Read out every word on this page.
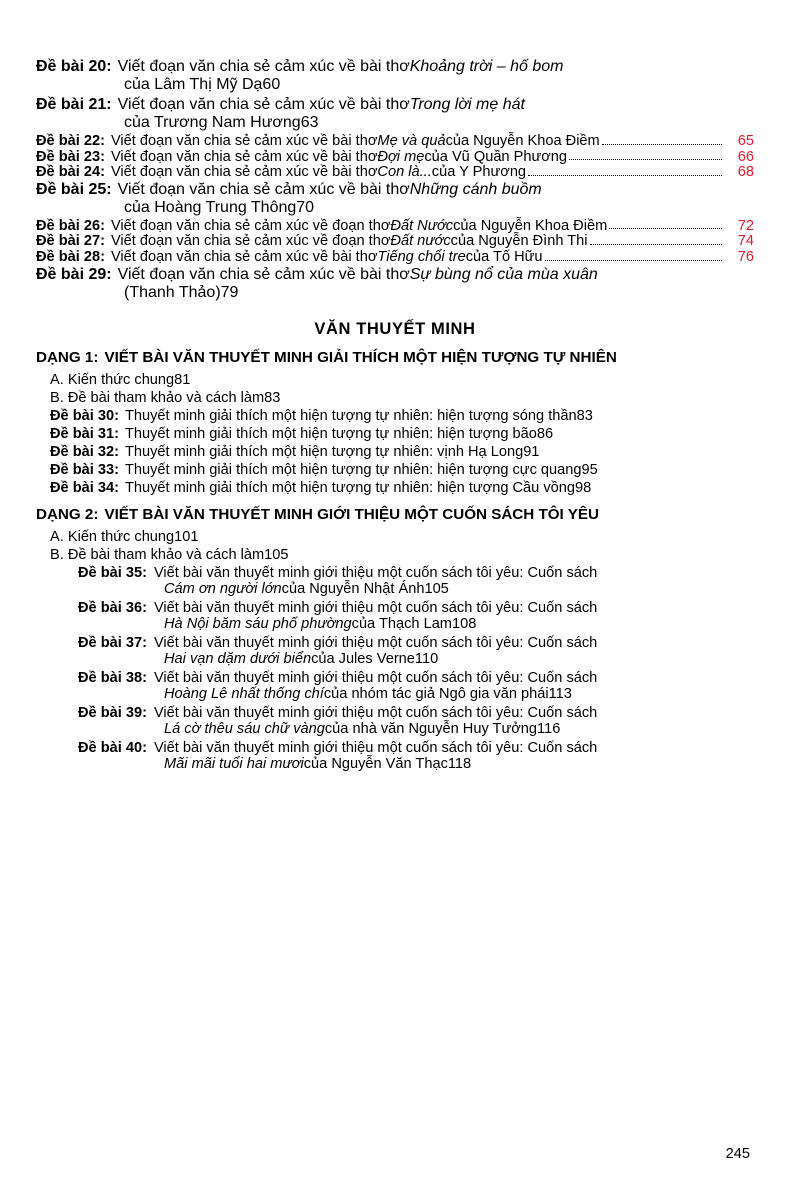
Đề bài 20: Viết đoạn văn chia sẻ cảm xúc về bài thơ Khoảng trời – hố bom
của Lâm Thị Mỹ Dạ 60
Đề bài 21: Viết đoạn văn chia sẻ cảm xúc về bài thơ Trong lời mẹ hát
của Trương Nam Hương 63
Đề bài 22: Viết đoạn văn chia sẻ cảm xúc về bài thơ Mẹ và quả của Nguyễn Khoa Điềm	65
Đề bài 23: Viết đoạn văn chia sẻ cảm xúc về bài thơ Đợi mẹ của Vũ Quần Phương	66
Đề bài 24: Viết đoạn văn chia sẻ cảm xúc về bài thơ Con là... của Y Phương	68
Đề bài 25: Viết đoạn văn chia sẻ cảm xúc về bài thơ Những cánh buồm
của Hoàng Trung Thông 70
Đề bài 26: Viết đoạn văn chia sẻ cảm xúc về đoạn thơ Đất Nước của Nguyễn Khoa Điềm	72
Đề bài 27: Viết đoạn văn chia sẻ cảm xúc về đoạn thơ Đất nước của Nguyễn Đình Thi	74
Đề bài 28: Viết đoạn văn chia sẻ cảm xúc về bài thơ Tiếng chổi tre của Tố Hữu	76
Đề bài 29: Viết đoạn văn chia sẻ cảm xúc về bài thơ Sự bùng nổ của mùa xuân
(Thanh Thảo) 79
VĂN THUYẾT MINH
DẠNG 1: VIẾT BÀI VĂN THUYẾT MINH GIẢI THÍCH MỘT HIỆN TƯỢNG TỰ NHIÊN
A. Kiến thức chung 81
B. Đề bài tham khảo và cách làm 83
Đề bài 30: Thuyết minh giải thích một hiện tượng tự nhiên: hiện tượng sóng thần 83
Đề bài 31: Thuyết minh giải thích một hiện tượng tự nhiên: hiện tượng bão 86
Đề bài 32: Thuyết minh giải thích một hiện tượng tự nhiên: vịnh Hạ Long 91
Đề bài 33: Thuyết minh giải thích một hiện tượng tự nhiên: hiện tượng cực quang 95
Đề bài 34: Thuyết minh giải thích một hiện tượng tự nhiên: hiện tượng Cầu vồng 98
DẠNG 2: VIẾT BÀI VĂN THUYẾT MINH GIỚI THIỆU MỘT CUỐN SÁCH TÔI YÊU
A. Kiến thức chung 101
B. Đề bài tham khảo và cách làm 105
Đề bài 35: Viết bài văn thuyết minh giới thiệu một cuốn sách tôi yêu: Cuốn sách
Cám ơn người lớn của Nguyễn Nhật Ánh 105
Đề bài 36: Viết bài văn thuyết minh giới thiệu một cuốn sách tôi yêu: Cuốn sách
Hà Nội băm sáu phố phường của Thạch Lam 108
Đề bài 37: Viết bài văn thuyết minh giới thiệu một cuốn sách tôi yêu: Cuốn sách
Hai vạn dặm dưới biển của Jules Verne 110
Đề bài 38: Viết bài văn thuyết minh giới thiệu một cuốn sách tôi yêu: Cuốn sách
Hoàng Lê nhất thống chí của nhóm tác giả Ngô gia văn phái 113
Đề bài 39: Viết bài văn thuyết minh giới thiệu một cuốn sách tôi yêu: Cuốn sách
Lá cờ thêu sáu chữ vàng của nhà văn Nguyễn Huy Tưởng 116
Đề bài 40: Viết bài văn thuyết minh giới thiệu một cuốn sách tôi yêu: Cuốn sách
Mãi mãi tuổi hai mươi của Nguyễn Văn Thạc 118
245
